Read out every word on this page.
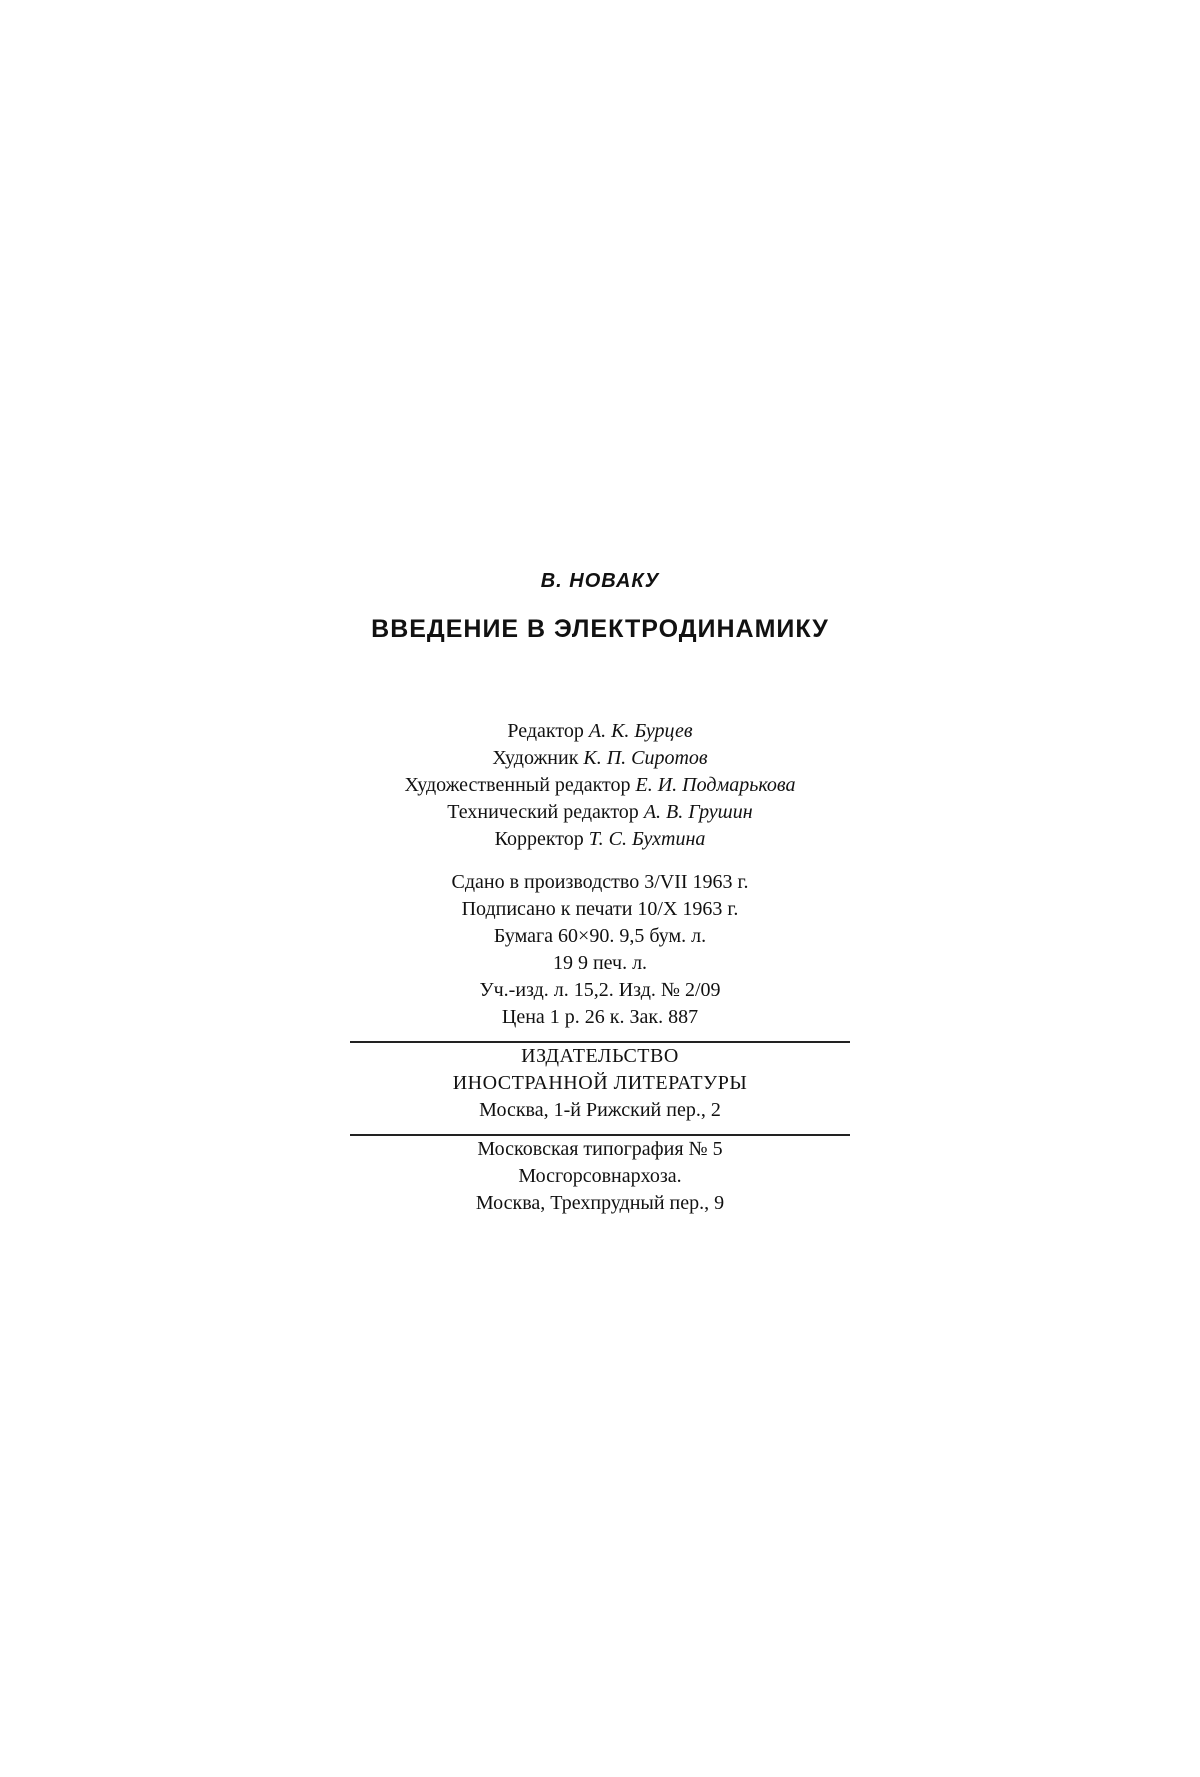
В. НОВАКУ

ВВЕДЕНИЕ В ЭЛЕКТРОДИНАМИКУ

Редактор А. К. Бурцев
Художник К. П. Сиротов
Художественный редактор Е. И. Подмарькова
Технический редактор А. В. Грушин
Корректор Т. С. Бухтина
Сдано в производство 3/VII 1963 г.
Подписано к печати 10/X 1963 г.
Бумага 60×90. 9,5 бум. л.
19 9 печ. л.
Уч.-изд. л. 15,2. Изд. № 2/09
Цена 1 р. 26 к. Зак. 887
ИЗДАТЕЛЬСТВО
ИНОСТРАННОЙ ЛИТЕРАТУРЫ
Москва, 1-й Рижский пер., 2
Московская типография № 5
Мосгорсовнархоза.
Москва, Трехпрудный пер., 9
